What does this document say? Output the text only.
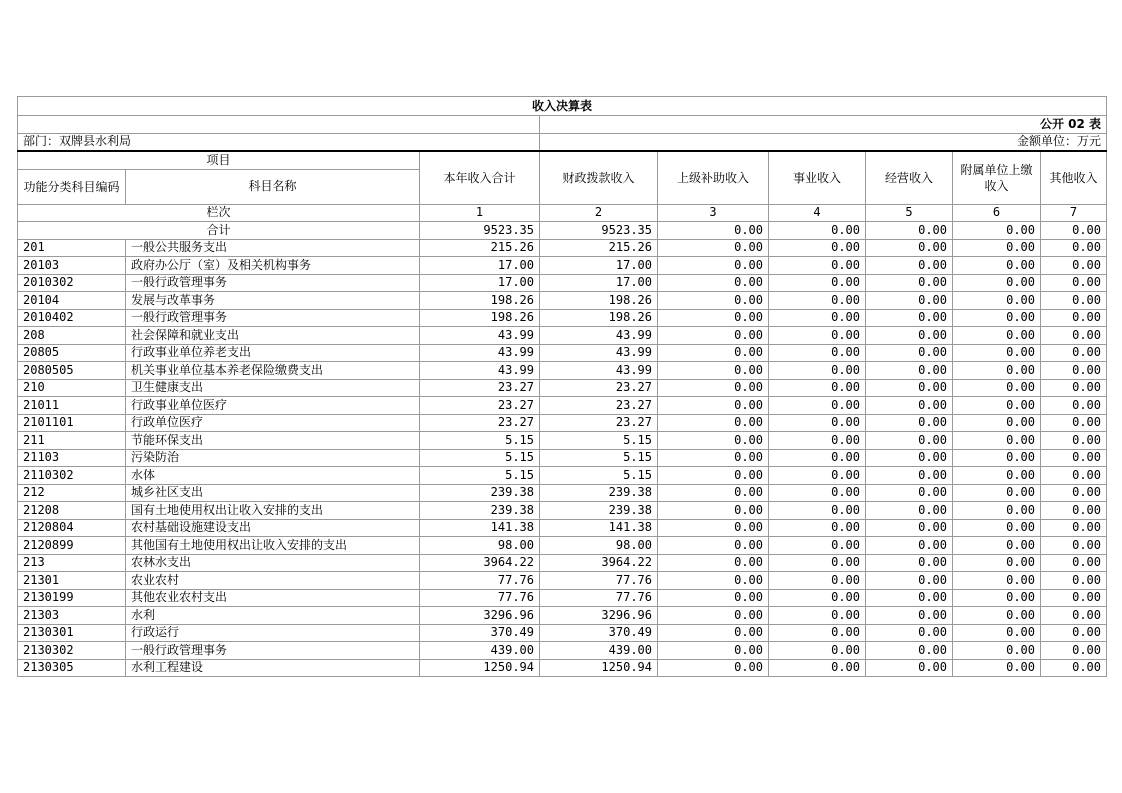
收入决算表								
			公开 02 表					
部门：双牌县水利局			金额单位：万元					
项目		本年收入合计	财政拨款收入	上级补助收入	事业收入	经营收入	附属单位上缴收入	其他收入
功能分类科目编码	科目名称							
栏次		1	2	3	4	5	6	7
合计		9523.35	9523.35	0.00	0.00	0.00	0.00	0.00
201	一般公共服务支出	215.26	215.26	0.00	0.00	0.00	0.00	0.00
20103	政府办公厅（室）及相关机构事务	17.00	17.00	0.00	0.00	0.00	0.00	0.00
2010302	一般行政管理事务	17.00	17.00	0.00	0.00	0.00	0.00	0.00
20104	发展与改革事务	198.26	198.26	0.00	0.00	0.00	0.00	0.00
2010402	一般行政管理事务	198.26	198.26	0.00	0.00	0.00	0.00	0.00
208	社会保障和就业支出	43.99	43.99	0.00	0.00	0.00	0.00	0.00
20805	行政事业单位养老支出	43.99	43.99	0.00	0.00	0.00	0.00	0.00
2080505	机关事业单位基本养老保险缴费支出	43.99	43.99	0.00	0.00	0.00	0.00	0.00
210	卫生健康支出	23.27	23.27	0.00	0.00	0.00	0.00	0.00
21011	行政事业单位医疗	23.27	23.27	0.00	0.00	0.00	0.00	0.00
2101101	行政单位医疗	23.27	23.27	0.00	0.00	0.00	0.00	0.00
211	节能环保支出	5.15	5.15	0.00	0.00	0.00	0.00	0.00
21103	污染防治	5.15	5.15	0.00	0.00	0.00	0.00	0.00
2110302	水体	5.15	5.15	0.00	0.00	0.00	0.00	0.00
212	城乡社区支出	239.38	239.38	0.00	0.00	0.00	0.00	0.00
21208	国有土地使用权出让收入安排的支出	239.38	239.38	0.00	0.00	0.00	0.00	0.00
2120804	农村基础设施建设支出	141.38	141.38	0.00	0.00	0.00	0.00	0.00
2120899	其他国有土地使用权出让收入安排的支出	98.00	98.00	0.00	0.00	0.00	0.00	0.00
213	农林水支出	3964.22	3964.22	0.00	0.00	0.00	0.00	0.00
21301	农业农村	77.76	77.76	0.00	0.00	0.00	0.00	0.00
2130199	其他农业农村支出	77.76	77.76	0.00	0.00	0.00	0.00	0.00
21303	水利	3296.96	3296.96	0.00	0.00	0.00	0.00	0.00
2130301	行政运行	370.49	370.49	0.00	0.00	0.00	0.00	0.00
2130302	一般行政管理事务	439.00	439.00	0.00	0.00	0.00	0.00	0.00
2130305	水利工程建设	1250.94	1250.94	0.00	0.00	0.00	0.00	0.00
